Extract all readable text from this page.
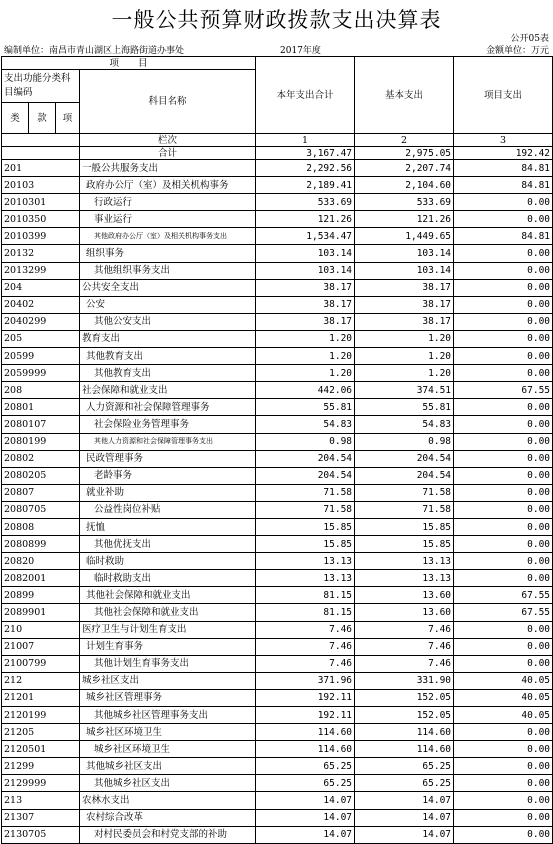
一般公共预算财政拨款支出决算表
公开05表
编制单位：南昌市青山湖区上海路街道办事处	2017年度	金额单位：万元
项　　目				本年支出合计	基本支出	项目支出
支出功能分类科目编码			科目名称			
类	款	项				
			栏次	1	2	3
			合计	3,167.47	2,975.05	192.42
201			一般公共服务支出	2,292.56	2,207.74	84.81
20103			政府办公厅（室）及相关机构事务	2,189.41	2,104.60	84.81
2010301			行政运行	533.69	533.69	0.00
2010350			事业运行	121.26	121.26	0.00
2010399			其他政府办公厅（室）及相关机构事务支出	1,534.47	1,449.65	84.81
20132			组织事务	103.14	103.14	0.00
2013299			其他组织事务支出	103.14	103.14	0.00
204			公共安全支出	38.17	38.17	0.00
20402			公安	38.17	38.17	0.00
2040299			其他公安支出	38.17	38.17	0.00
205			教育支出	1.20	1.20	0.00
20599			其他教育支出	1.20	1.20	0.00
2059999			其他教育支出	1.20	1.20	0.00
208			社会保障和就业支出	442.06	374.51	67.55
20801			人力资源和社会保障管理事务	55.81	55.81	0.00
2080107			社会保险业务管理事务	54.83	54.83	0.00
2080199			其他人力资源和社会保障管理事务支出	0.98	0.98	0.00
20802			民政管理事务	204.54	204.54	0.00
2080205			老龄事务	204.54	204.54	0.00
20807			就业补助	71.58	71.58	0.00
2080705			公益性岗位补贴	71.58	71.58	0.00
20808			抚恤	15.85	15.85	0.00
2080899			其他优抚支出	15.85	15.85	0.00
20820			临时救助	13.13	13.13	0.00
2082001			临时救助支出	13.13	13.13	0.00
20899			其他社会保障和就业支出	81.15	13.60	67.55
2089901			其他社会保障和就业支出	81.15	13.60	67.55
210			医疗卫生与计划生育支出	7.46	7.46	0.00
21007			计划生育事务	7.46	7.46	0.00
2100799			其他计划生育事务支出	7.46	7.46	0.00
212			城乡社区支出	371.96	331.90	40.05
21201			城乡社区管理事务	192.11	152.05	40.05
2120199			其他城乡社区管理事务支出	192.11	152.05	40.05
21205			城乡社区环境卫生	114.60	114.60	0.00
2120501			城乡社区环境卫生	114.60	114.60	0.00
21299			其他城乡社区支出	65.25	65.25	0.00
2129999			其他城乡社区支出	65.25	65.25	0.00
213			农林水支出	14.07	14.07	0.00
21307			农村综合改革	14.07	14.07	0.00
2130705			对村民委员会和村党支部的补助	14.07	14.07	0.00
